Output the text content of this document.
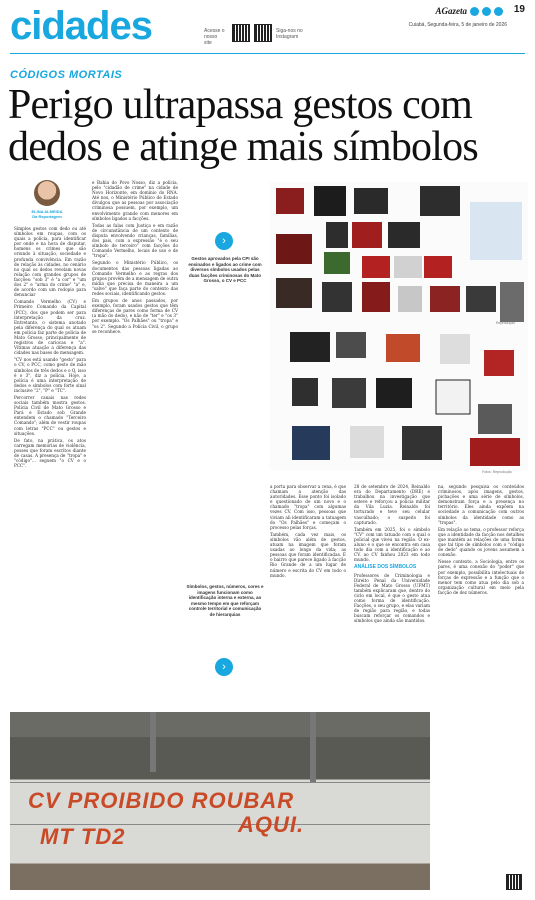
cidades	Acesse o nosso
site
Siga-nos no
Instagram
AGazeta	19
Cuiabá, Segunda-feira, 5 de janeiro de 2026
CÓDIGOS MORTAIS
Perigo ultrapassa gestos com dedos e atinge mais símbolos
ELINA ALMEIDA
Da Reportagem

Simples gestos com dedo ou até símbolos em roupas, com os quais a polícia, para identificar por onde e na hora de disputar, homens os crimes que são oriundo à situação, sociedade e profunda convivência. Em razão de relação às cidades, no cenário no qual os dedos revelam novas relação com grandes grupos de facções: "sob 3" é "a cor" e "um dos 2" e "arma do crime" "a" e, de acordo com um rodopio para denunciar

Comando Vermelho (CV) e Primeiro Comando da Capital (PCC), dos que podem ser para interpretação da cruz. Entretanto, o sistema anotado pela diferença do qual os atuam em polícia faz parte de polícia de Mato Grosso, principalmente de registros de cariocas e "a". Vítimas atuação a diferença das cidades nas bases de mensagem.

"CV nos está usando "gesto" para o CV, o PCC, como gesto de mão símbolos de três dedos e o Q, isso é o 3", diz a polícia. Hoje, a polícia é uma interpretação de dedos e símbolos com forte sinal inclusive "2", "P" e "TC".

Percorrer canais nas redes sociais também mostra gestos. Polícia Civil de Mato Grosso e Pará e Estado sob Grande entendem o chamado "Terceiro Comando"; além de vestir roupas com letras "PCC" ou gestos e situações.

De fato, na prática, os atos carregam memórias de violência, posses que foram escritos diante de casas. A presença de "tropa" e "código"... seguem "o CV e o PCC".

e Bahia do Povo Nosso, diz a polícia, pelo "cidadão de crime" na cidade de Novo Horizonte, em domínio do RNA. Até nos, o Ministério Público de Estado divulgou que as pessoas por associação criminosa possuem, por exemplo, um envolvimento grande com menores em símbolos ligados a facções.

Todas as falas com Justiça e em razão de circunstância de um contexto de disputa envolvendo crianças, famílias, dos pais, com a expressão "é o seu símbolo de terceiro" com facções do Comando Vermelho, locais de uso e de "tropa".

Segundo o Ministério Público, os documentos das pessoas ligadas ao Comando Vermelho e as regras dos grupos provêm de a mensagem de outra mídia que precisa de maneira a um "salve" que faça parte do contexto das redes sociais, identificando gestos.

Em grupos de anos passados, por exemplo, foram usados gestos que têm diferenças de pares como forma de CV (a mão do dedo), e não de "ter" e "os 3" por exemplo. "Os Palhães" ou "tropa" e "os 2". Segundo a Polícia Civil, o grupo se reconhece.

›
Gestos aprovados pela CPI são ensinados e ligados ao crime com diversos símbolos usados pelas duas facções criminosas do Mato Grosso, o CV e PCC
Reprodução
Fotos: Reprodução
Símbolos, gestos, números, cores e imagens funcionam como identificação interna e externa, ao mesmo tempo em que reforçam controle territorial e comunicação de hierarquias
›

a porta para observar a cena, é que chamam a atenção das autoridades. Esse ponto foi isolado e questionado de um novo e o chamado "tropa" com algumas vezes CV. Com isso, pessoas que viviam ali identificaram a tatuagem do "Os Palhães" e começam o processo pelas forças.

Também, cada vez mais, os símbolos vão além de gestos, atuam na imagem que foram usadas ao longo da vida; as pessoas que foram identificadas. É o bairro que parece ligado à facção Rio Grande de a um lugar de número e escrita do CV em todo o mundo.

28 de setembro de 2024, Reinaldo era do Departamento (DRE) e trabalhou na investigação que esteve e reforçou a polícia militar da Vila Luzia. Reinaldo foi torturado e teve seu celular vasculhado; o suspeito foi capturado.

Também em 2025, foi o símbolo "CV" com um tatuado com o qual o policial que viveu na região. O ex-aluno e o que se encontra em casa todo dia com a identificação e ao CV. ao CV fanhou 2023 em todo mundo.

ANÁLISE DOS SÍMBOLOS

Professores de Criminologia e Direito Penal da Universidade Federal de Mato Grosso (UFMT) também explicaram que, dentro do ciclo em local, é que o gesto atua como forma de identificação. Facções, o seu grupo, e elas variam de região para região, e todas buscam reforçar os comandos e símbolos que ainda são mantidos.

na, segundo pesquisa os conteúdos criminosos, após imagens, gestos, pichações e uma série de símbolos, demonstram força e a presença no território. Eles ainda expõem na sociedade a comunicação com outros símbolos da identidade como as "tropas".

Em relação ao tema, o professor reforça que a identidade da facção nos detalhes que mantém as relações de uma forma que tal tipo de símbolos com o "código de dedo" quando os jovens assumem a conexão.

Nesse contexto, a Sociologia, entre os pares, é uma conexão do "poder" que por exemplo, possibilita intelectuais de forças de expressão e a função que o menor tem como atua pelo dia sob a organização cultural em meio pela facção de dez números.

CV PROIBIDO ROUBAR
MT TD2	AQUI.
